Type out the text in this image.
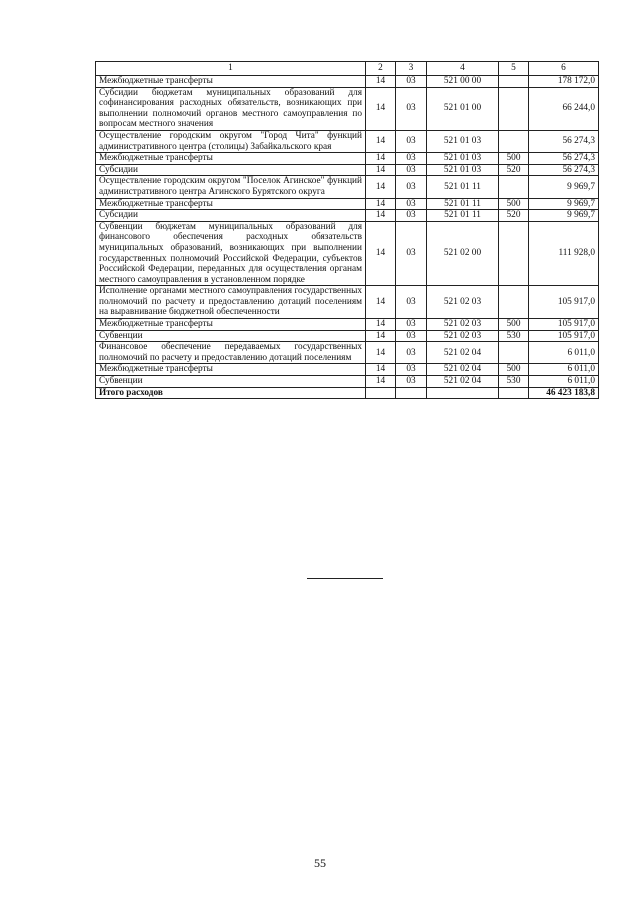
1	2	3	4	5	6
Межбюджетные трансферты	14	03	521 00 00		178 172,0
Субсидии бюджетам муниципальных образований для софинансирования расходных обязательств, возникающих при выполнении полномочий органов местного самоуправления по вопросам местного значения	14	03	521 01 00		66 244,0
Осуществление городским округом "Город Чита" функций административного центра (столицы) Забайкальского края	14	03	521 01 03		56 274,3
Межбюджетные трансферты	14	03	521 01 03	500	56 274,3
Субсидии	14	03	521 01 03	520	56 274,3
Осуществление городским округом "Поселок Агинское" функций административного центра Агинского Бурятского округа	14	03	521 01 11		9 969,7
Межбюджетные трансферты	14	03	521 01 11	500	9 969,7
Субсидии	14	03	521 01 11	520	9 969,7
Субвенции бюджетам муниципальных образований для финансового обеспечения расходных обязательств муниципальных образований, возникающих при выполнении государственных полномочий Российской Федерации, субъектов Российской Федерации, переданных для осуществления органам местного самоуправления в установленном порядке	14	03	521 02 00		111 928,0
Исполнение органами местного самоуправления государственных полномочий по расчету и предоставлению дотаций поселениям на выравнивание бюджетной обеспеченности	14	03	521 02 03		105 917,0
Межбюджетные трансферты	14	03	521 02 03	500	105 917,0
Субвенции	14	03	521 02 03	530	105 917,0
Финансовое обеспечение передаваемых государственных полномочий по расчету и предоставлению дотаций поселениям	14	03	521 02 04		6 011,0
Межбюджетные трансферты	14	03	521 02 04	500	6 011,0
Субвенции	14	03	521 02 04	530	6 011,0
Итого расходов					46 423 183,8
55
